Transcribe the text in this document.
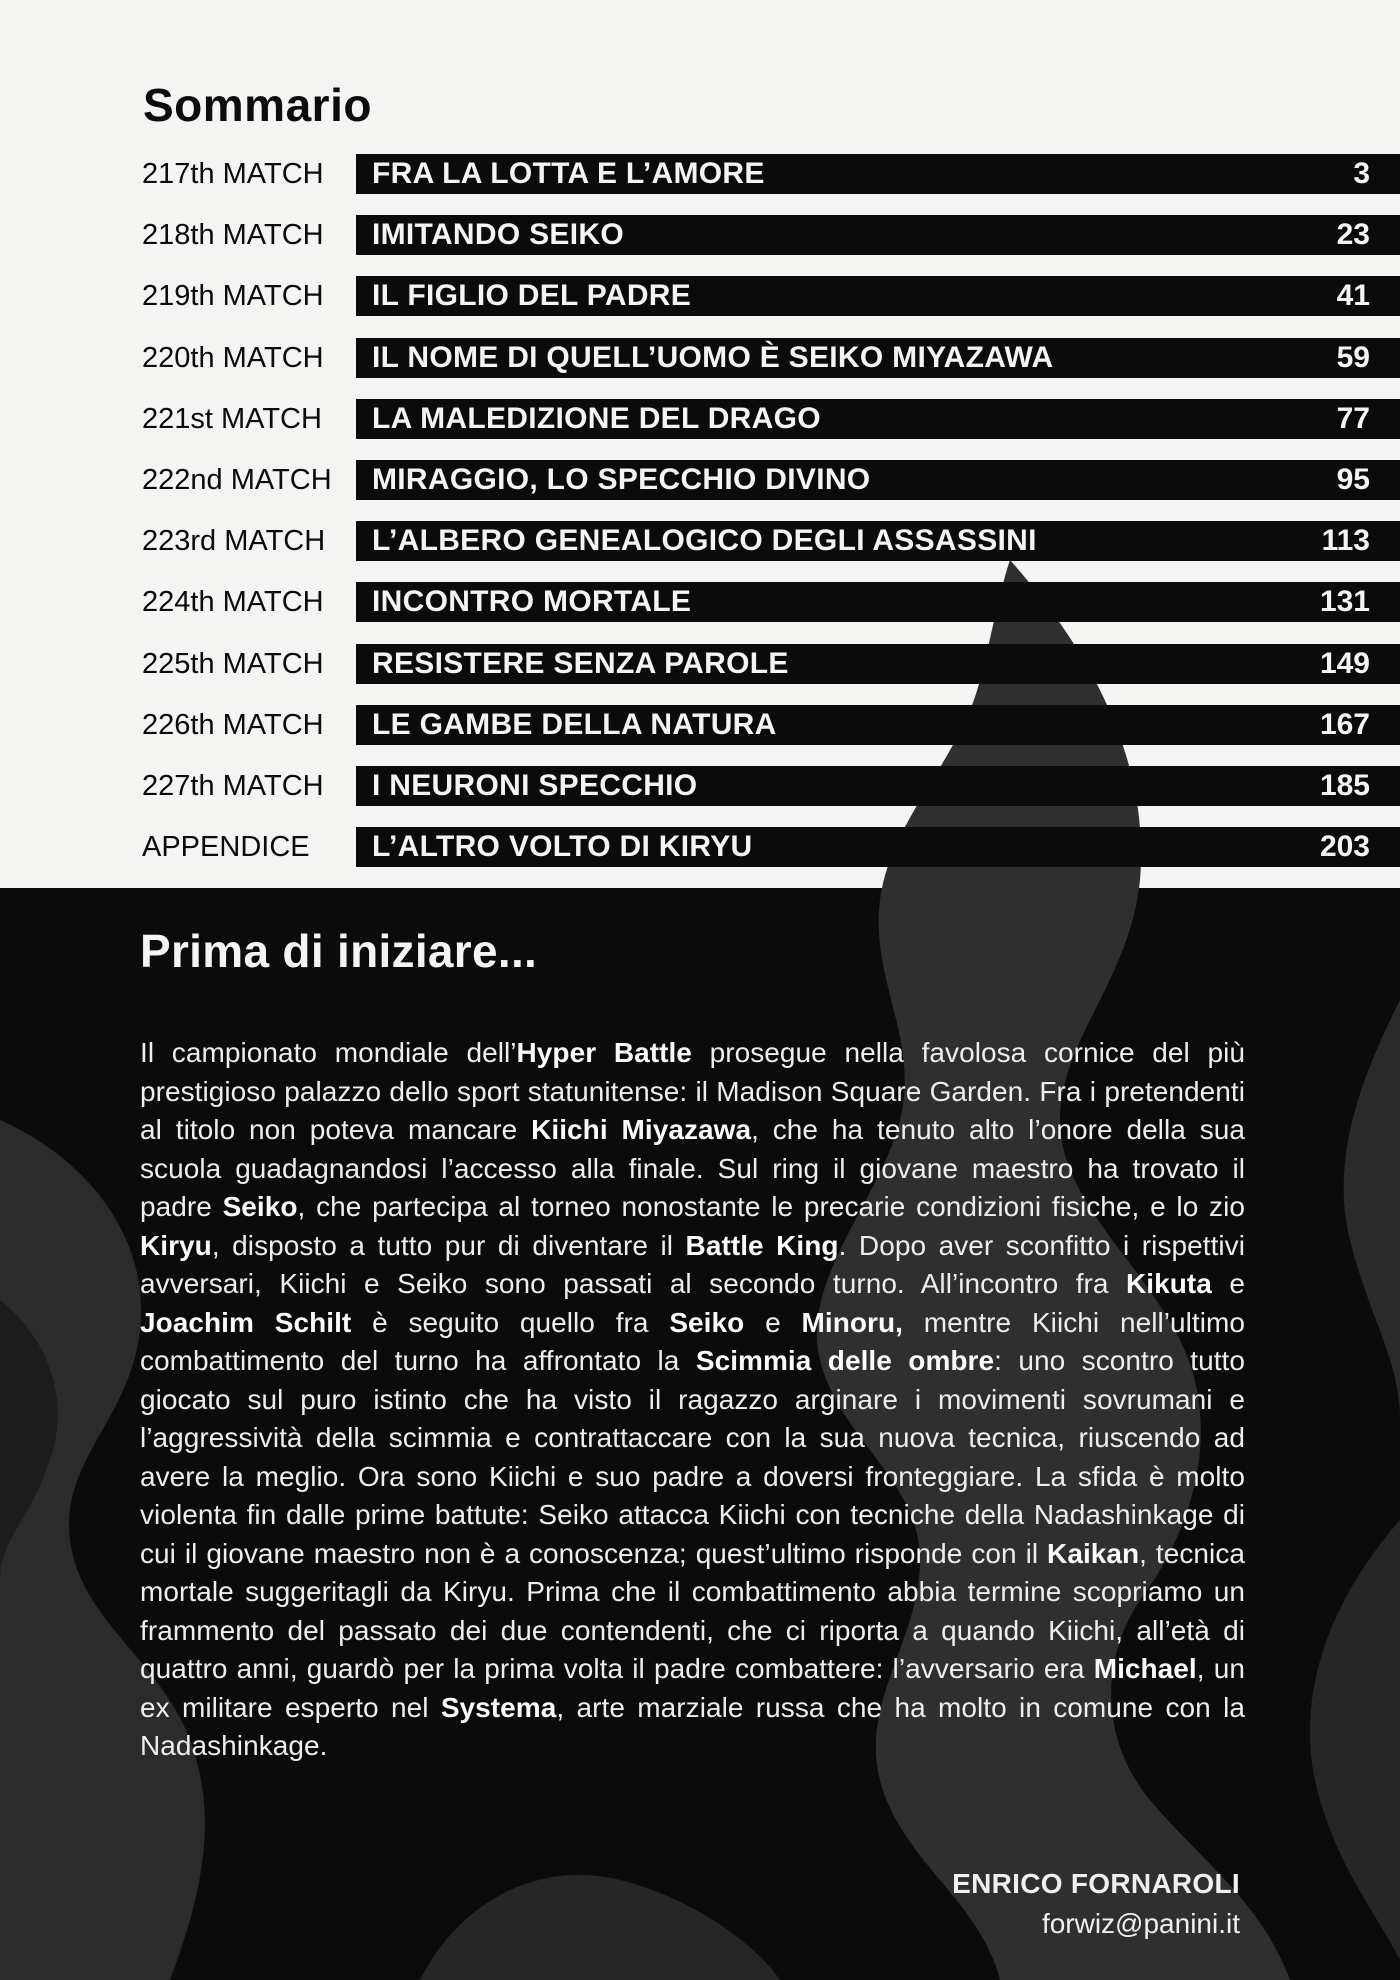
Sommario
217th MATCH	FRA LA LOTTA E L’AMORE	3
218th MATCH	IMITANDO SEIKO	23
219th MATCH	IL FIGLIO DEL PADRE	41
220th MATCH	IL NOME DI QUELL’UOMO È SEIKO MIYAZAWA	59
221st MATCH	LA MALEDIZIONE DEL DRAGO	77
222nd MATCH	MIRAGGIO, LO SPECCHIO DIVINO	95
223rd MATCH	L’ALBERO GENEALOGICO DEGLI ASSASSINI	113
224th MATCH	INCONTRO MORTALE	131
225th MATCH	RESISTERE SENZA PAROLE	149
226th MATCH	LE GAMBE DELLA NATURA	167
227th MATCH	I NEURONI SPECCHIO	185
APPENDICE	L’ALTRO VOLTO DI KIRYU	203
Prima di iniziare...

Il campionato mondiale dell’Hyper Battle prosegue nella favolosa cornice del più prestigioso palazzo dello sport statunitense: il Madison Square Garden. Fra i pretendenti al titolo non poteva mancare Kiichi Miyazawa, che ha tenuto alto l’onore della sua scuola guadagnandosi l’accesso alla finale. Sul ring il giovane maestro ha trovato il padre Seiko, che partecipa al torneo nonostante le precarie condizioni fisiche, e lo zio Kiryu, disposto a tutto pur di diventare il Battle King. Dopo aver sconfitto i rispettivi avversari, Kiichi e Seiko sono passati al secondo turno. All’incontro fra Kikuta e Joachim Schilt è seguito quello fra Seiko e Minoru, mentre Kiichi nell’ultimo combattimento del turno ha affrontato la Scimmia delle ombre: uno scontro tutto giocato sul puro istinto che ha visto il ragazzo arginare i movimenti sovrumani e l’aggressività della scimmia e contrattaccare con la sua nuova tecnica, riuscendo ad avere la meglio. Ora sono Kiichi e suo padre a doversi fronteggiare. La sfida è molto violenta fin dalle prime battute: Seiko attacca Kiichi con tecniche della Nadashinkage di cui il giovane maestro non è a conoscenza; quest’ultimo risponde con il Kaikan, tecnica mortale suggeritagli da Kiryu. Prima che il combattimento abbia termine scopriamo un frammento del passato dei due contendenti, che ci riporta a quando Kiichi, all’età di quattro anni, guardò per la prima volta il padre combattere: l’avversario era Michael, un ex militare esperto nel Systema, arte marziale russa che ha molto in comune con la Nadashinkage.

ENRICO FORNAROLI
forwiz@panini.it
